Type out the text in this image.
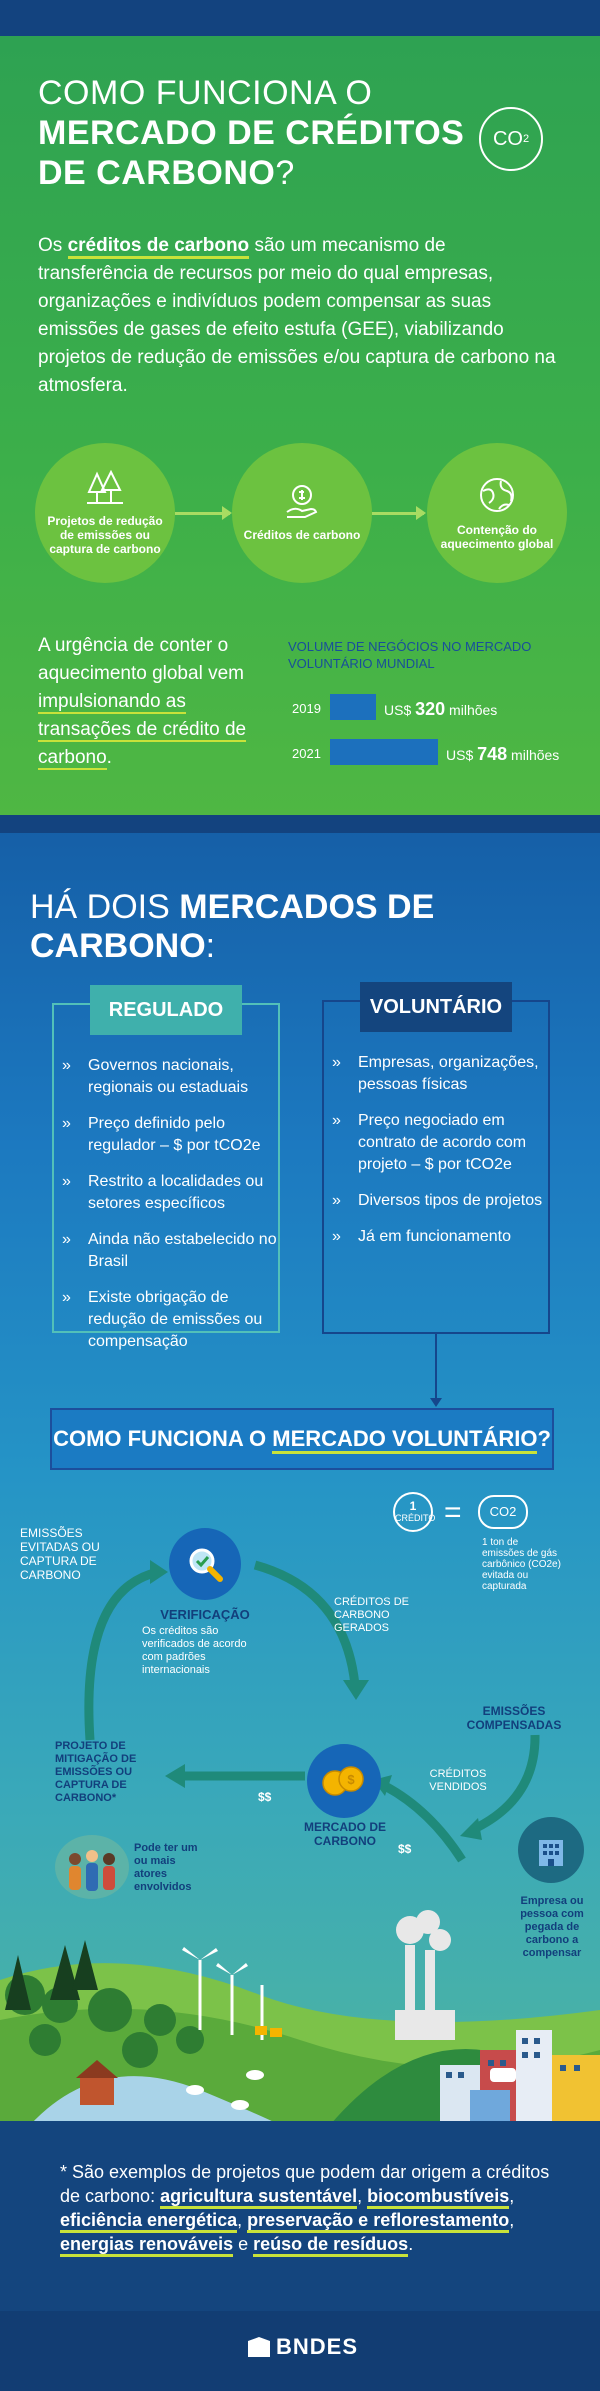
COMO FUNCIONA O
MERCADO DE CRÉDITOS
DE CARBONO?
CO 2
Os créditos de carbono são um mecanismo de transferência de recursos por meio do qual empresas, organizações e indivíduos podem compensar as suas emissões de gases de efeito estufa (GEE), viabilizando projetos de redução de emissões e/ou captura de carbono na atmosfera.
Projetos de redução de emissões ou captura de carbono
Créditos de carbono	Contenção do aquecimento global
A urgência de conter o aquecimento global vem impulsionando as transações de crédito de carbono.
VOLUME DE NEGÓCIOS NO MERCADO VOLUNTÁRIO MUNDIAL
2019	US$ 320 milhões
2021	US$ 748 milhões
HÁ DOIS MERCADOS DE CARBONO:
REGULADO
» Governos nacionais, regionais ou estaduais
» Preço definido pelo regulador – $ por tCO2e
» Restrito a localidades ou setores específicos
» Ainda não estabelecido no Brasil
» Existe obrigação de redução de emissões ou compensação
VOLUNTÁRIO
» Empresas, organizações, pessoas físicas
» Preço negociado em contrato de acordo com projeto – $ por tCO2e
» Diversos tipos de projetos
» Já em funcionamento
COMO FUNCIONA O MERCADO VOLUNTÁRIO?
1
CRÉDITO =	CO2
1 ton de emissões de gás carbônico (CO2e) evitada ou capturada
EMISSÕES EVITADAS OU CAPTURA DE CARBONO
VERIFICAÇÃO
Os créditos são verificados de acordo com padrões internacionais
CRÉDITOS DE CARBONO GERADOS
PROJETO DE MITIGAÇÃO DE EMISSÕES OU CAPTURA DE CARBONO*
Pode ter um ou mais atores envolvidos
$$
$
MERCADO DE CARBONO
$$
CRÉDITOS VENDIDOS
EMISSÕES COMPENSADAS
Empresa ou pessoa com pegada de carbono a compensar
* São exemplos de projetos que podem dar origem a créditos de carbono: agricultura sustentável, biocombustíveis, eficiência energética, preservação e reflorestamento, energias renováveis e reúso de resíduos.
BNDES
